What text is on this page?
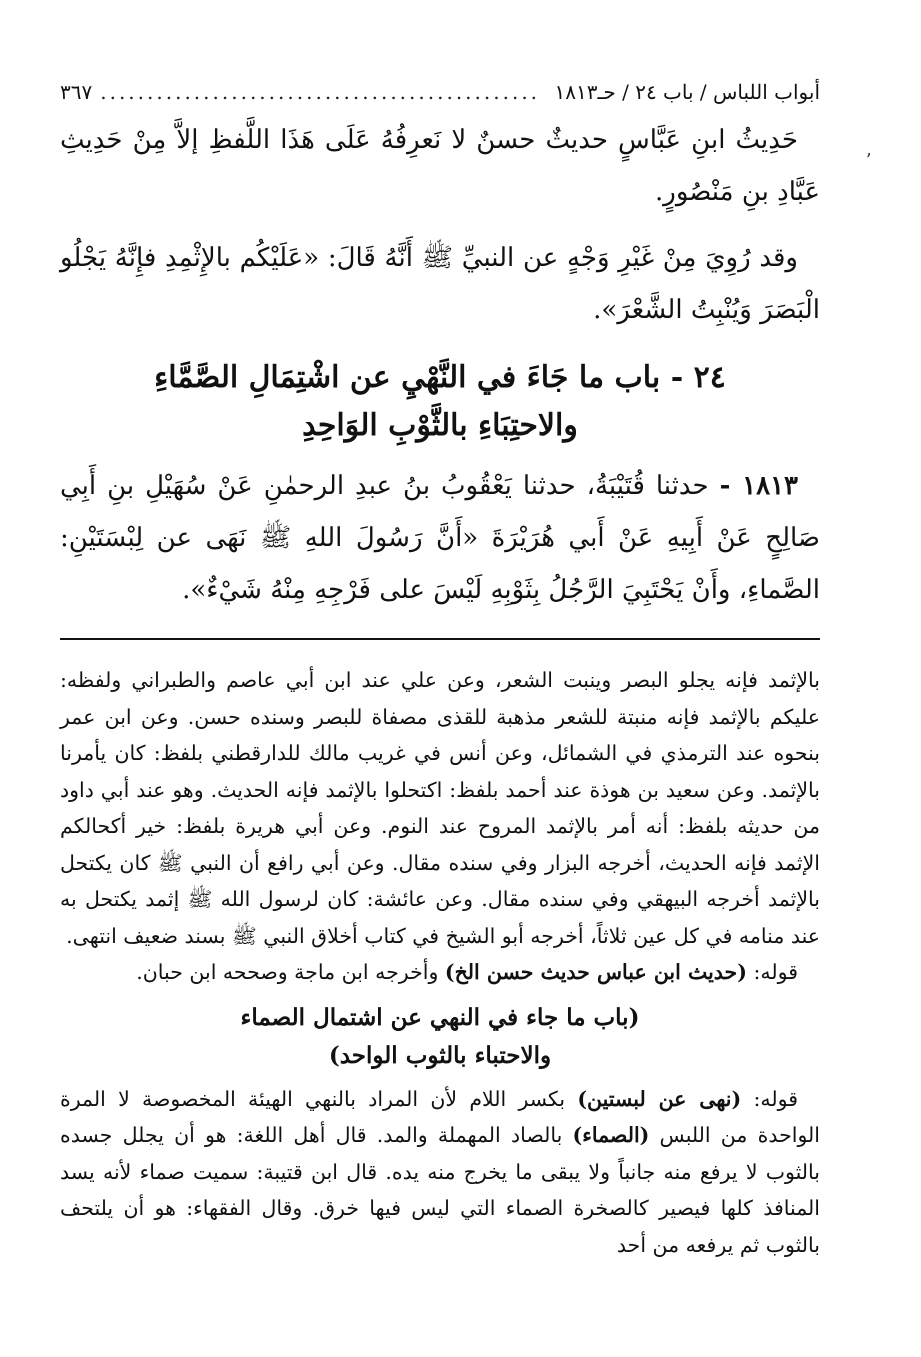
ʼ
أبواب اللباس / باب ٢٤ / حـ١٨١٣
...............................................
٣٦٧

حَدِيثُ ابنِ عَبَّاسٍ حديثٌ حسنٌ لا نَعرِفُهُ عَلَى هَذَا اللَّفظِ إلاَّ مِنْ حَدِيثِ عَبَّادِ بنِ مَنْصُورٍ.

وقد رُوِيَ مِنْ غَيْرِ وَجْهٍ عن النبيِّ ﷺ أَنَّهُ قَالَ: «عَلَيْكُم بالإِثْمِدِ فإِنَّهُ يَجْلُو الْبَصَرَ وَيُنْبِتُ الشَّعْرَ».

٢٤ - باب ما جَاءَ في النَّهْيِ عن اشْتِمَالِ الصَّمَّاءِ
والاحتِبَاءِ بالثَّوْبِ الوَاحِدِ

١٨١٣ - حدثنا قُتَيْبَةُ، حدثنا يَعْقُوبُ بنُ عبدِ الرحمٰنِ عَنْ سُهَيْلِ بنِ أَبِي صَالِحٍ عَنْ أَبِيهِ عَنْ أَبي هُرَيْرَةَ «أَنَّ رَسُولَ اللهِ ﷺ نَهَى عن لِبْسَتَيْنِ: الصَّماءِ، وأَنْ يَحْتَبِيَ الرَّجُلُ بِثَوْبِهِ لَيْسَ على فَرْجِهِ مِنْهُ شَيْءٌ».

بالإثمد فإنه يجلو البصر وينبت الشعر، وعن علي عند ابن أبي عاصم والطبراني ولفظه: عليكم بالإثمد فإنه منبتة للشعر مذهبة للقذى مصفاة للبصر وسنده حسن. وعن ابن عمر بنحوه عند الترمذي في الشمائل، وعن أنس في غريب مالك للدارقطني بلفظ: كان يأمرنا بالإثمد. وعن سعيد بن هوذة عند أحمد بلفظ: اكتحلوا بالإثمد فإنه الحديث. وهو عند أبي داود من حديثه بلفظ: أنه أمر بالإثمد المروح عند النوم. وعن أبي هريرة بلفظ: خير أكحالكم الإثمد فإنه الحديث، أخرجه البزار وفي سنده مقال. وعن أبي رافع أن النبي ﷺ كان يكتحل بالإثمد أخرجه البيهقي وفي سنده مقال. وعن عائشة: كان لرسول الله ﷺ إثمد يكتحل به عند منامه في كل عين ثلاثاً، أخرجه أبو الشيخ في كتاب أخلاق النبي ﷺ بسند ضعيف انتهى.

قوله: (حديث ابن عباس حديث حسن الخ) وأخرجه ابن ماجة وصححه ابن حبان.

(باب ما جاء في النهي عن اشتمال الصماء
والاحتباء بالثوب الواحد)

قوله: (نهى عن لبستين) بكسر اللام لأن المراد بالنهي الهيئة المخصوصة لا المرة الواحدة من اللبس (الصماء) بالصاد المهملة والمد. قال أهل اللغة: هو أن يجلل جسده بالثوب لا يرفع منه جانباً ولا يبقى ما يخرج منه يده. قال ابن قتيبة: سميت صماء لأنه يسد المنافذ كلها فيصير كالصخرة الصماء التي ليس فيها خرق. وقال الفقهاء: هو أن يلتحف بالثوب ثم يرفعه من أحد
